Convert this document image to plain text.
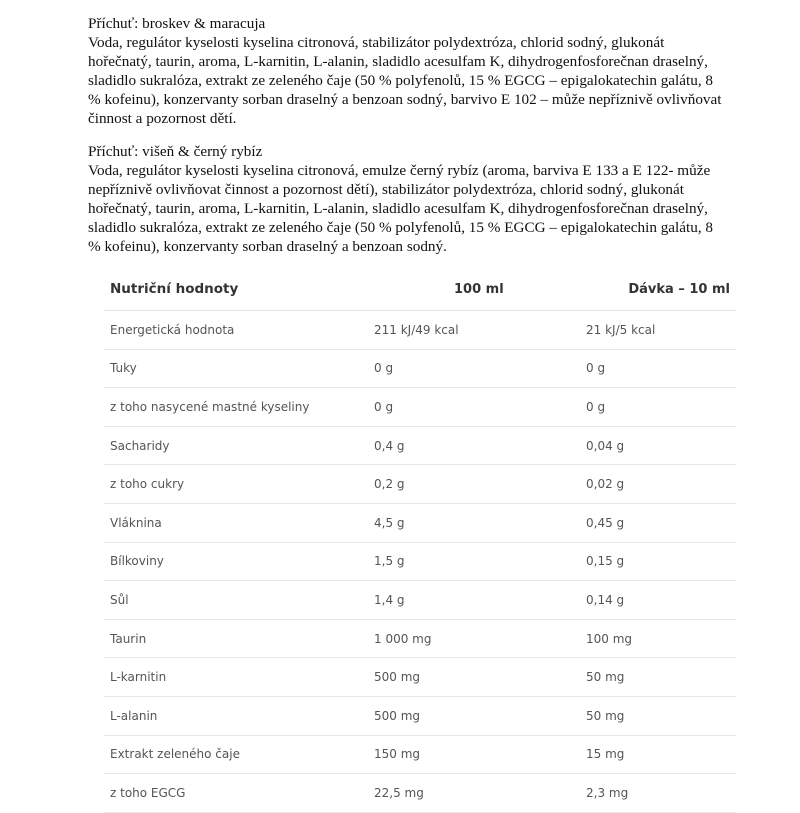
Příchuť: broskev & maracuja
Voda, regulátor kyselosti kyselina citronová, stabilizátor polydextróza, chlorid sodný, glukonát hořečnatý, taurin, aroma, L-karnitin, L-alanin, sladidlo acesulfam K, dihydrogenfosforečnan draselný, sladidlo sukralóza, extrakt ze zeleného čaje (50 % polyfenolů, 15 % EGCG – epigalokatechin galátu, 8 % kofeinu), konzervanty sorban draselný a benzoan sodný, barvivo E 102 – může nepříznivě ovlivňovat činnost a pozornost dětí.
Příchuť: višeň & černý rybíz
Voda, regulátor kyselosti kyselina citronová, emulze černý rybíz (aroma, barviva E 133 a E 122- může nepříznivě ovlivňovat činnost a pozornost dětí), stabilizátor polydextróza, chlorid sodný, glukonát hořečnatý, taurin, aroma, L-karnitin, L-alanin, sladidlo acesulfam K, dihydrogenfosforečnan draselný, sladidlo sukralóza, extrakt ze zeleného čaje (50 % polyfenolů, 15 % EGCG – epigalokatechin galátu, 8 % kofeinu), konzervanty sorban draselný a benzoan sodný.
Nutriční hodnoty	100 ml	Dávka – 10 ml
Energetická hodnota	211 kJ/49 kcal	21 kJ/5 kcal
Tuky	0 g	0 g
z toho nasycené mastné kyseliny	0 g	0 g
Sacharidy	0,4 g	0,04 g
z toho cukry	0,2 g	0,02 g
Vláknina	4,5 g	0,45 g
Bílkoviny	1,5 g	0,15 g
Sůl	1,4 g	0,14 g
Taurin	1 000 mg	100 mg
L-karnitin	500 mg	50 mg
L-alanin	500 mg	50 mg
Extrakt zeleného čaje	150 mg	15 mg
z toho EGCG	22,5 mg	2,3 mg
